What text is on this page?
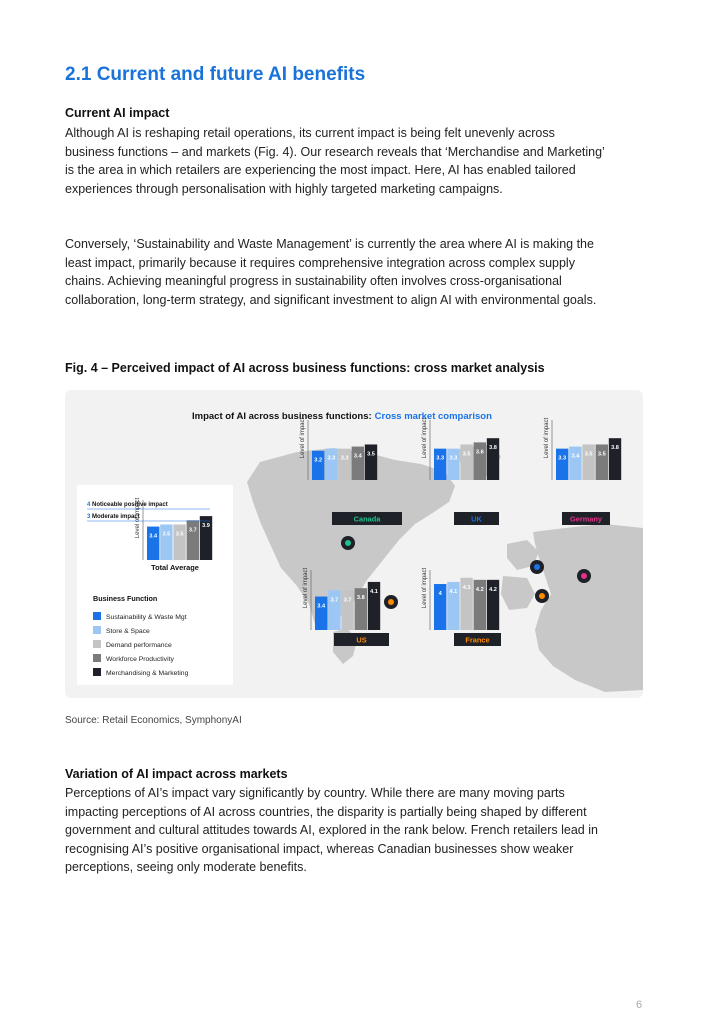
2.1 Current and future AI benefits
Current AI impact

Although AI is reshaping retail operations, its current impact is being felt unevenly across business functions – and markets (Fig. 4). Our research reveals that ‘Merchandise and Marketing’ is the area in which retailers are experiencing the most impact. Here, AI has enabled tailored experiences through personalisation with highly targeted marketing campaigns.

Conversely, ‘Sustainability and Waste Management’ is currently the area where AI is making the least impact, primarily because it requires comprehensive integration across complex supply chains. Achieving meaningful progress in sustainability often involves cross-organisational collaboration, long-term strategy, and significant investment to align AI with environmental goals.

Fig. 4 – Perceived impact of AI across business functions: cross market analysis
Impact of AI across business functions: Cross market comparison
Business Function
Level of impact 3.4 3.5 3.5
3.7
3.9
Total Average
Level of impact
3.2 3.3 3.3 3.4 3.5
Canada
Level of impact
3.3 3.3
3.5 3.6
3.8
UK
Level of impact
3.3 3.4 3.5 3.5
3.8
Germany
Level of impact 3.4
3.7 3.7 3.8
4.1
US
Level of impact 4 4.1
4.3 4.2 4.2
France
4 Noticeable positive impact
3 Moderate impact
Sustainability & Waste Mgt
Store & Space
Demand performance
Workforce Productivity
Merchandising & Marketing
Source: Retail Economics, SymphonyAI
Variation of AI impact across markets

Perceptions of AI’s impact vary significantly by country. While there are many moving parts impacting perceptions of AI across countries, the disparity is partially being shaped by different government and cultural attitudes towards AI, explored in the rank below. French retailers lead in recognising AI’s positive organisational impact, whereas Canadian businesses show weaker perceptions, seeing only moderate benefits.

6
